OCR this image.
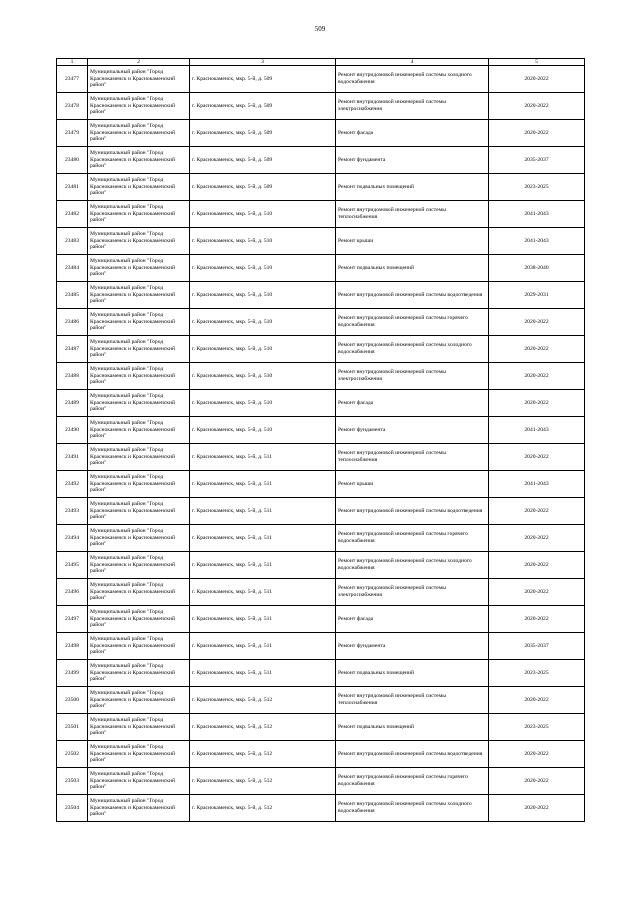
509
1	2	3	4	5
23477	Муниципальный район "Город Краснокаменск и Краснокаменский район"	г. Краснокаменск, мкр. 5-й, д. 509	Ремонт внутридомовой инженерной системы холодного водоснабжения	2020-2022
23478	Муниципальный район "Город Краснокаменск и Краснокаменский район"	г. Краснокаменск, мкр. 5-й, д. 509	Ремонт внутридомовой инженерной системы электроснабжения	2020-2022
23479	Муниципальный район "Город Краснокаменск и Краснокаменский район"	г. Краснокаменск, мкр. 5-й, д. 509	Ремонт фасада	2020-2022
23480	Муниципальный район "Город Краснокаменск и Краснокаменский район"	г. Краснокаменск, мкр. 5-й, д. 509	Ремонт фундамента	2035-2037
23481	Муниципальный район "Город Краснокаменск и Краснокаменский район"	г. Краснокаменск, мкр. 5-й, д. 509	Ремонт подвальных помещений	2023-2025
23482	Муниципальный район "Город Краснокаменск и Краснокаменский район"	г. Краснокаменск, мкр. 5-й, д. 510	Ремонт внутридомовой инженерной системы теплоснабжения	2041-2043
23483	Муниципальный район "Город Краснокаменск и Краснокаменский район"	г. Краснокаменск, мкр. 5-й, д. 510	Ремонт крыши	2041-2043
23484	Муниципальный район "Город Краснокаменск и Краснокаменский район"	г. Краснокаменск, мкр. 5-й, д. 510	Ремонт подвальных помещений	2038-2040
23485	Муниципальный район "Город Краснокаменск и Краснокаменский район"	г. Краснокаменск, мкр. 5-й, д. 510	Ремонт внутридомовой инженерной системы водоотведения	2029-2031
23486	Муниципальный район "Город Краснокаменск и Краснокаменский район"	г. Краснокаменск, мкр. 5-й, д. 510	Ремонт внутридомовой инженерной системы горячего водоснабжения	2020-2022
23487	Муниципальный район "Город Краснокаменск и Краснокаменский район"	г. Краснокаменск, мкр. 5-й, д. 510	Ремонт внутридомовой инженерной системы холодного водоснабжения	2020-2022
23488	Муниципальный район "Город Краснокаменск и Краснокаменский район"	г. Краснокаменск, мкр. 5-й, д. 510	Ремонт внутридомовой инженерной системы электроснабжения	2020-2022
23489	Муниципальный район "Город Краснокаменск и Краснокаменский район"	г. Краснокаменск, мкр. 5-й, д. 510	Ремонт фасада	2020-2022
23490	Муниципальный район "Город Краснокаменск и Краснокаменский район"	г. Краснокаменск, мкр. 5-й, д. 510	Ремонт фундамента	2041-2043
23491	Муниципальный район "Город Краснокаменск и Краснокаменский район"	г. Краснокаменск, мкр. 5-й, д. 511	Ремонт внутридомовой инженерной системы теплоснабжения	2020-2022
23492	Муниципальный район "Город Краснокаменск и Краснокаменский район"	г. Краснокаменск, мкр. 5-й, д. 511	Ремонт крыши	2041-2043
23493	Муниципальный район "Город Краснокаменск и Краснокаменский район"	г. Краснокаменск, мкр. 5-й, д. 511	Ремонт внутридомовой инженерной системы водоотведения	2020-2022
23494	Муниципальный район "Город Краснокаменск и Краснокаменский район"	г. Краснокаменск, мкр. 5-й, д. 511	Ремонт внутридомовой инженерной системы горячего водоснабжения	2020-2022
23495	Муниципальный район "Город Краснокаменск и Краснокаменский район"	г. Краснокаменск, мкр. 5-й, д. 511	Ремонт внутридомовой инженерной системы холодного водоснабжения	2020-2022
23496	Муниципальный район "Город Краснокаменск и Краснокаменский район"	г. Краснокаменск, мкр. 5-й, д. 511	Ремонт внутридомовой инженерной системы электроснабжения	2020-2022
23497	Муниципальный район "Город Краснокаменск и Краснокаменский район"	г. Краснокаменск, мкр. 5-й, д. 511	Ремонт фасада	2020-2022
23498	Муниципальный район "Город Краснокаменск и Краснокаменский район"	г. Краснокаменск, мкр. 5-й, д. 511	Ремонт фундамента	2035-2037
23499	Муниципальный район "Город Краснокаменск и Краснокаменский район"	г. Краснокаменск, мкр. 5-й, д. 511	Ремонт подвальных помещений	2023-2025
23500	Муниципальный район "Город Краснокаменск и Краснокаменский район"	г. Краснокаменск, мкр. 5-й, д. 512	Ремонт внутридомовой инженерной системы теплоснабжения	2020-2022
23501	Муниципальный район "Город Краснокаменск и Краснокаменский район"	г. Краснокаменск, мкр. 5-й, д. 512	Ремонт подвальных помещений	2023-2025
23502	Муниципальный район "Город Краснокаменск и Краснокаменский район"	г. Краснокаменск, мкр. 5-й, д. 512	Ремонт внутридомовой инженерной системы водоотведения	2020-2022
23503	Муниципальный район "Город Краснокаменск и Краснокаменский район"	г. Краснокаменск, мкр. 5-й, д. 512	Ремонт внутридомовой инженерной системы горячего водоснабжения	2020-2022
23504	Муниципальный район "Город Краснокаменск и Краснокаменский район"	г. Краснокаменск, мкр. 5-й, д. 512	Ремонт внутридомовой инженерной системы холодного водоснабжения	2020-2022
